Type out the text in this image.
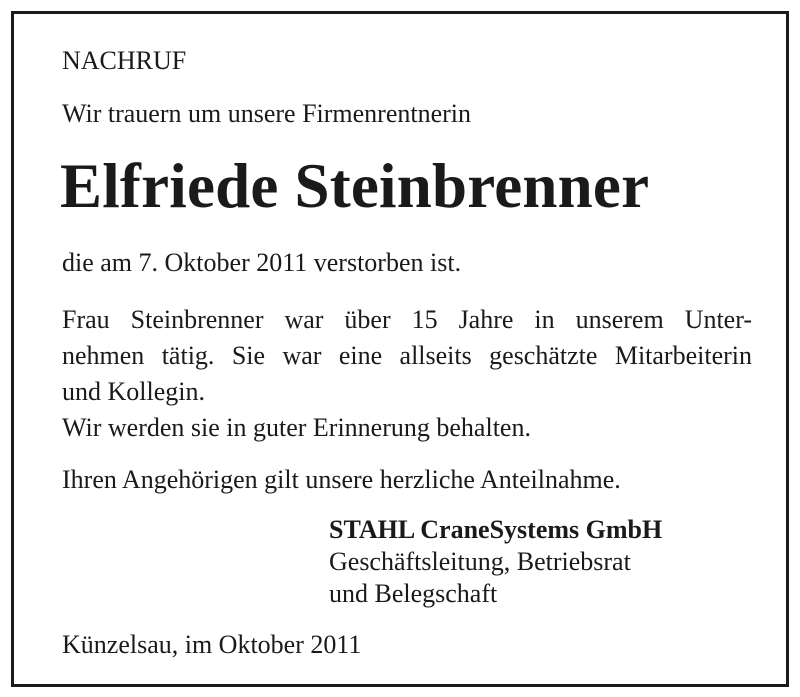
NACHRUF
Wir trauern um unsere Firmenrentnerin
Elfriede Steinbrenner
die am 7. Oktober 2011 verstorben ist.
Frau Steinbrenner war über 15 Jahre in unserem Unter-
nehmen tätig. Sie war eine allseits geschätzte Mitarbeiterin
und Kollegin.
Wir werden sie in guter Erinnerung behalten.
Ihren Angehörigen gilt unsere herzliche Anteilnahme.
STAHL CraneSystems GmbH
Geschäftsleitung, Betriebsrat
und Belegschaft
Künzelsau, im Oktober 2011
